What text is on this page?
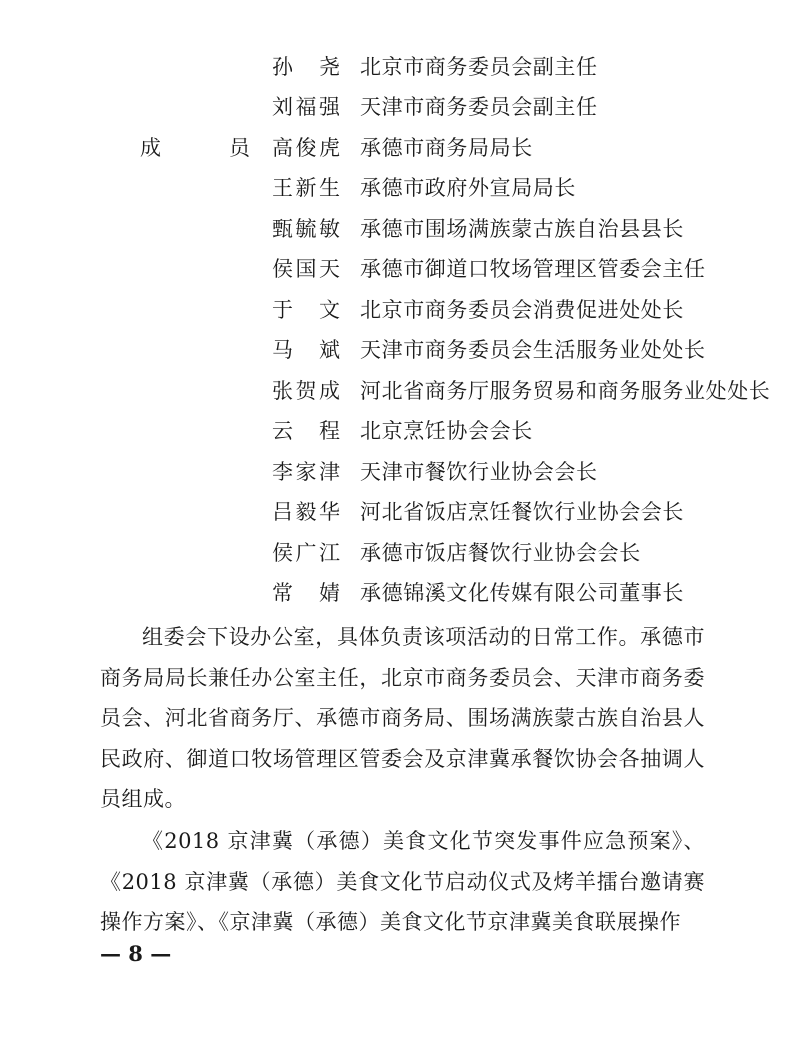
孙 尧 北京市商务委员会副主任
刘 福 强 天津市商务委员会副主任
成	员 高 俊 虎 承德市商务局局长
王 新 生 承德市政府外宣局局长
甄 毓 敏 承德市围场满族蒙古族自治县县长
侯 国 天 承德市御道口牧场管理区管委会主任
于 文 北京市商务委员会消费促进处处长
马 斌 天津市商务委员会生活服务业处处长
张 贺 成 河北省商务厅服务贸易和商务服务业处处长
云 程 北京烹饪协会会长
李 家 津 天津市餐饮行业协会会长
吕 毅 华 河北省饭店烹饪餐饮行业协会会长
侯 广 江 承德市饭店餐饮行业协会会长
常 婧 承德锦溪文化传媒有限公司董事长
组委会下设办公室，具体负责该项活动的日常工作。承德市商务局局长兼任办公室主任，北京市商务委员会、天津市商务委员会、河北省商务厅、承德市商务局、围场满族蒙古族自治县人民政府、御道口牧场管理区管委会及京津冀承餐饮协会各抽调人员组成。
《2018 京津冀（承德）美食文化节突发事件应急预案》、《2018 京津冀（承德）美食文化节启动仪式及烤羊擂台邀请赛操作方案》、《京津冀（承德）美食文化节京津冀美食联展操作
— 8 —
